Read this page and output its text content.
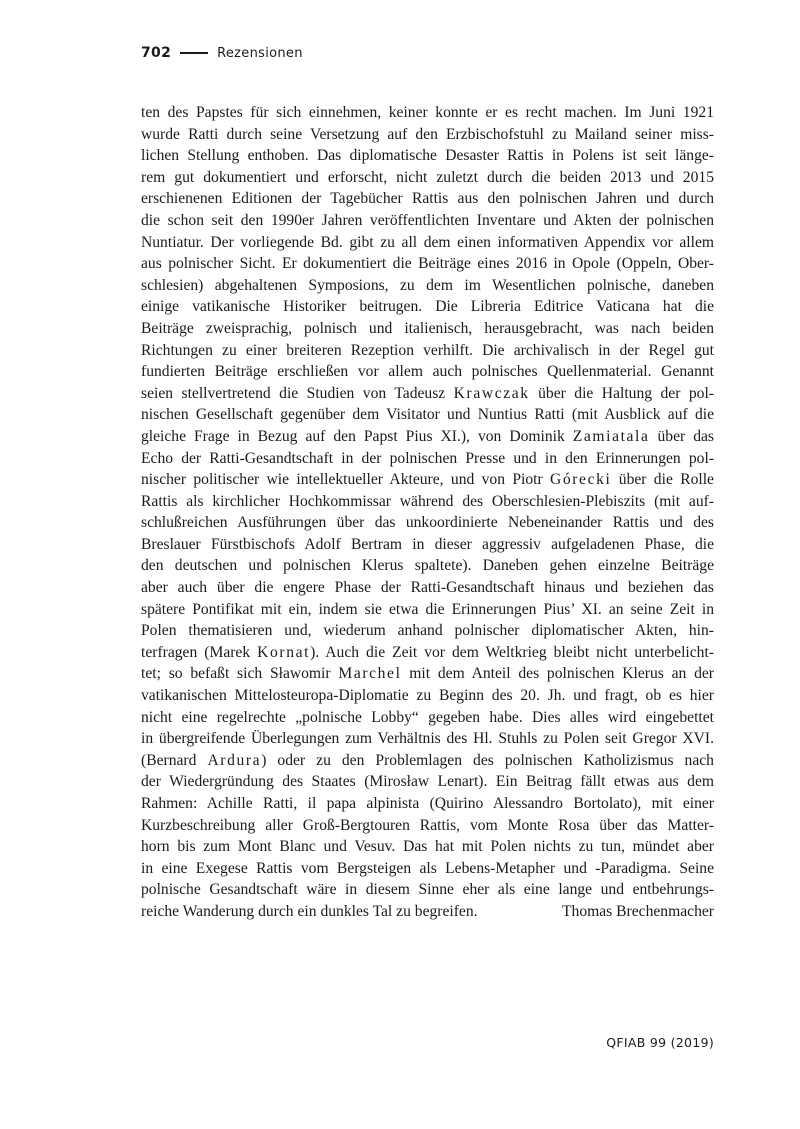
702	Rezensionen
ten des Papstes für sich einnehmen, keiner konnte er es recht machen. Im Juni 1921
wurde Ratti durch seine Versetzung auf den Erzbischofstuhl zu Mailand seiner miss-
lichen Stellung enthoben. Das diplomatische Desaster Rattis in Polens ist seit länge-
rem gut dokumentiert und erforscht, nicht zuletzt durch die beiden 2013 und 2015
erschienenen Editionen der Tagebücher Rattis aus den polnischen Jahren und durch
die schon seit den 1990er Jahren veröffentlichten Inventare und Akten der polnischen
Nuntiatur. Der vorliegende Bd. gibt zu all dem einen informativen Appendix vor allem
aus polnischer Sicht. Er dokumentiert die Beiträge eines 2016 in Opole (Oppeln, Ober-
schlesien) abgehaltenen Symposions, zu dem im Wesentlichen polnische, daneben
einige vatikanische Historiker beitrugen. Die Libreria Editrice Vaticana hat die
Beiträge zweisprachig, polnisch und italienisch, herausgebracht, was nach beiden
Richtungen zu einer breiteren Rezeption verhilft. Die archivalisch in der Regel gut
fundierten Beiträge erschließen vor allem auch polnisches Quellenmaterial. Genannt
seien stellvertretend die Studien von Tadeusz Krawczak über die Haltung der pol-
nischen Gesellschaft gegenüber dem Visitator und Nuntius Ratti (mit Ausblick auf die
gleiche Frage in Bezug auf den Papst Pius XI.), von Dominik Zamiatala über das
Echo der Ratti-Gesandtschaft in der polnischen Presse und in den Erinnerungen pol-
nischer politischer wie intellektueller Akteure, und von Piotr Górecki über die Rolle
Rattis als kirchlicher Hochkommissar während des Oberschlesien-Plebiszits (mit auf-
schlußreichen Ausführungen über das unkoordinierte Nebeneinander Rattis und des
Breslauer Fürstbischofs Adolf Bertram in dieser aggressiv aufgeladenen Phase, die
den deutschen und polnischen Klerus spaltete). Daneben gehen einzelne Beiträge
aber auch über die engere Phase der Ratti-Gesandtschaft hinaus und beziehen das
spätere Pontifikat mit ein, indem sie etwa die Erinnerungen Pius’ XI. an seine Zeit in
Polen thematisieren und, wiederum anhand polnischer diplomatischer Akten, hin-
terfragen (Marek Kornat). Auch die Zeit vor dem Weltkrieg bleibt nicht unterbelicht-
tet; so befaßt sich Sławomir Marchel mit dem Anteil des polnischen Klerus an der
vatikanischen Mittelosteuropa-Diplomatie zu Beginn des 20. Jh. und fragt, ob es hier
nicht eine regelrechte „polnische Lobby“ gegeben habe. Dies alles wird eingebettet
in übergreifende Überlegungen zum Verhältnis des Hl. Stuhls zu Polen seit Gregor XVI.
(Bernard Ardura) oder zu den Problemlagen des polnischen Katholizismus nach
der Wiedergründung des Staates (Mirosław Lenart). Ein Beitrag fällt etwas aus dem
Rahmen: Achille Ratti, il papa alpinista (Quirino Alessandro Bortolato), mit einer
Kurzbeschreibung aller Groß-Bergtouren Rattis, vom Monte Rosa über das Matter-
horn bis zum Mont Blanc und Vesuv. Das hat mit Polen nichts zu tun, mündet aber
in eine Exegese Rattis vom Bergsteigen als Lebens-Metapher und -Paradigma. Seine
polnische Gesandtschaft wäre in diesem Sinne eher als eine lange und entbehrungs-
reiche Wanderung durch ein dunkles Tal zu begreifen.	Thomas Brechenmacher
QFIAB 99 (2019)
